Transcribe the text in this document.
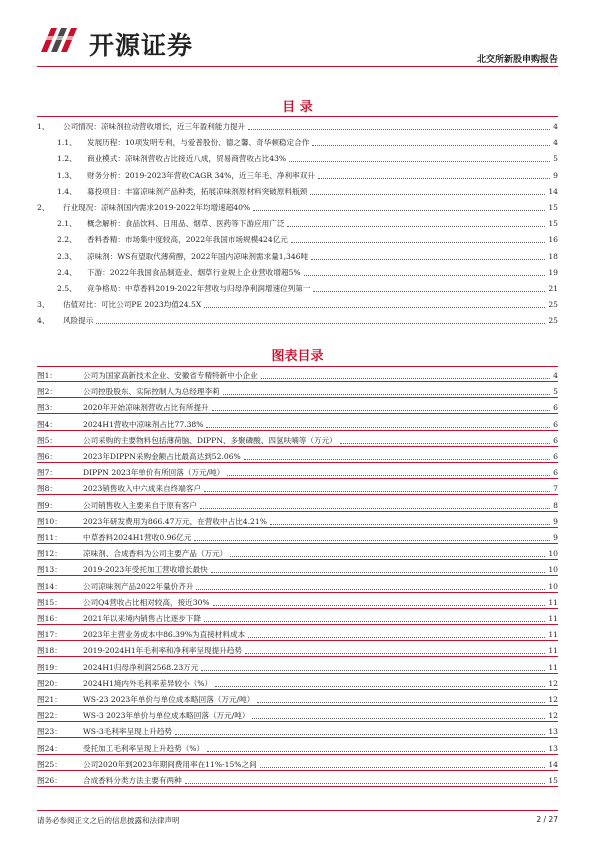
开源证券	北交所新股申购报告
目 录
1、	公司情况：凉味剂拉动营收增长，近三年盈利能力提升	4
1.1、	发展历程：10项发明专利，与爱普股份、德之馨、奇华顿稳定合作	4
1.2、	商业模式：凉味剂营收占比接近八成，贸易商营收占比43%	5
1.3、	财务分析：2019-2023年营收CAGR 34%，近三年毛、净利率双升	9
1.4、	募投项目：丰富凉味剂产品种类，拓展凉味剂原材料突破原料瓶颈	14
2、	行业现况：凉味剂国内需求2019-2022年均增速超40%	15
2.1、	概念解析：食品饮料、日用品、烟草、医药等下游应用广泛	15
2.2、	香料香精：市场集中度较高，2022年我国市场规模424亿元	16
2.3、	凉味剂：WS有望取代薄荷醇，2022年国内凉味剂需求量1,346吨	18
2.4、	下游：2022年我国食品制造业、烟草行业规上企业营收增超5%	19
2.5、	竞争格局：中草香料2019-2022年营收与归母净利润增速位列第一	21
3、	估值对比：可比公司PE 2023均值24.5X	25
4、	风险提示	25
图表目录
图1：	公司为国家高新技术企业、安徽省专精特新中小企业	4
图2：	公司控股股东、实际控制人为总经理李莉	5
图3：	2020年开始凉味剂营收占比有所提升	6
图4：	2024H1营收中凉味剂占比77.38%	6
图5：	公司采购的主要物料包括薄荷脑、DIPPN、多聚磷酸、四氢呋喃等（万元）	6
图6：	2023年DIPPN采购金额占比最高达到52.06%	6
图7：	DIPPN 2023年单价有所回落（万元/吨）	6
图8：	2023销售收入中六成来自终端客户	7
图9：	公司销售收入主要来自于原有客户	8
图10：	2023年研发费用为866.47万元，在营收中占比4.21%	9
图11：	中草香料2024H1营收0.96亿元	9
图12：	凉味剂、合成香料为公司主要产品（万元）	10
图13：	2019-2023年受托加工营收增长最快	10
图14：	公司凉味剂产品2022年量价齐升	10
图15：	公司Q4营收占比相对较高，接近30%	11
图16：	2021年以来境内销售占比逐步下降	11
图17：	2023年主营业务成本中86.39%为直接材料成本	11
图18：	2019-2024H1年毛利率和净利率呈现提升趋势	11
图19：	2024H1归母净利润2568.23万元	11
图20：	2024H1境内外毛利率差异较小（%）	12
图21：	WS-23 2023年单价与单位成本略回落（万元/吨）	12
图22：	WS-3 2023年单价与单位成本略回落（万元/吨）	12
图23：	WS-3毛利率呈现上升趋势	13
图24：	受托加工毛利率呈现上升趋势（%）	13
图25：	公司2020年到2023年期间费用率在11%-15%之间	14
图26：	合成香料分类方法主要有两种	15
请务必参阅正文之后的信息披露和法律声明	2 / 27
